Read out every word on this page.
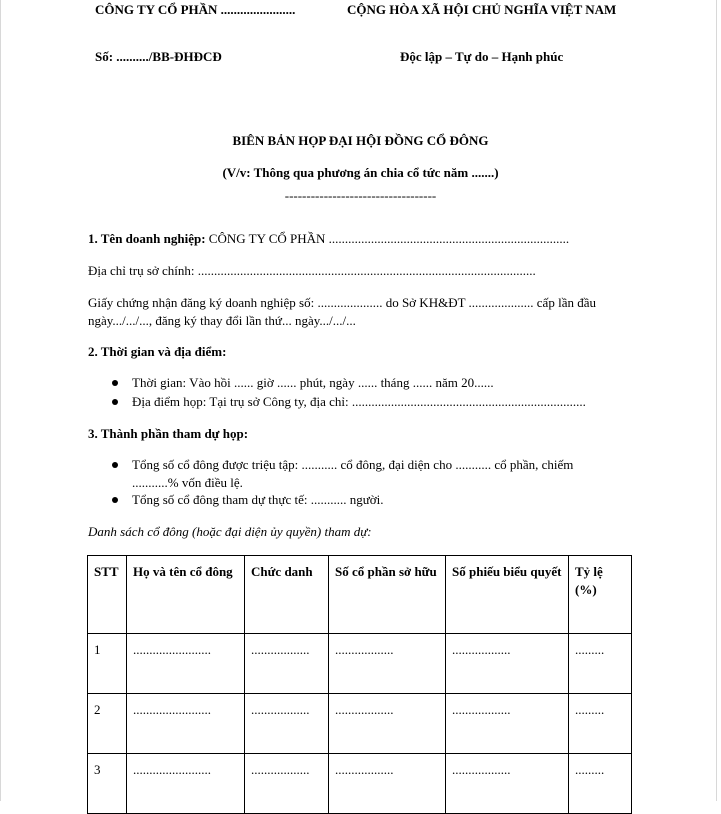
CÔNG TY CỔ PHẦN .......................	CỘNG HÒA XÃ HỘI CHỦ NGHĨA VIỆT NAM
Số: ........../BB-ĐHĐCĐ	Độc lập – Tự do – Hạnh phúc
BIÊN BẢN HỌP ĐẠI HỘI ĐỒNG CỔ ĐÔNG
(V/v: Thông qua phương án chia cổ tức năm .......)
-----------------------------------
1. Tên doanh nghiệp: CÔNG TY CỔ PHẦN ..........................................................................
Địa chỉ trụ sở chính: ........................................................................................................
Giấy chứng nhận đăng ký doanh nghiệp số: .................... do Sở KH&ĐT .................... cấp lần đầu
ngày.../.../..., đăng ký thay đổi lần thứ... ngày.../.../...
2. Thời gian và địa điểm:
Thời gian: Vào hồi ...... giờ ...... phút, ngày ...... tháng ...... năm 20......
Địa điểm họp: Tại trụ sở Công ty, địa chỉ: ........................................................................
3. Thành phần tham dự họp:
Tổng số cổ đông được triệu tập: ........... cổ đông, đại diện cho ........... cổ phần, chiếm
...........% vốn điều lệ.
Tổng số cổ đông tham dự thực tế: ........... người.
Danh sách cổ đông (hoặc đại diện ủy quyền) tham dự:
STT	Họ và tên cổ đông	Chức danh	Số cổ phần sở hữu	Số phiếu biểu quyết	Tỷ lệ (%)
1	........................	..................	..................	..................	.........
2	........................	..................	..................	..................	.........
3	........................	..................	..................	..................	.........
